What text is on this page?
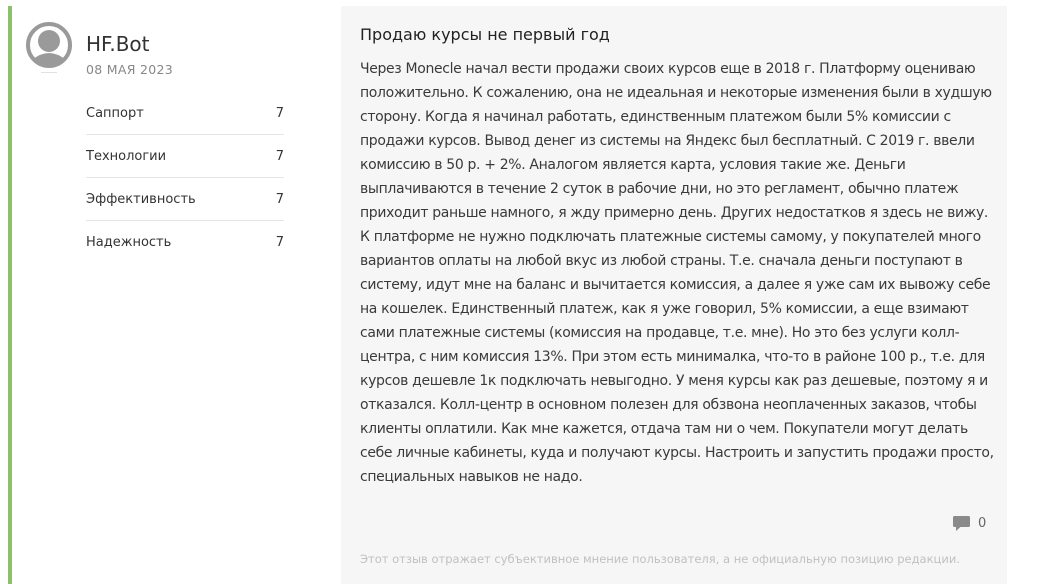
HF.Bot
08 МАЯ 2023
Саппорт	7
Технологии	7
Эффективность	7
Надежность	7
Продаю курсы не первый год

Через Monecle начал вести продажи своих курсов еще в 2018 г. Платформу оцениваю положительно. К сожалению, она не идеальная и некоторые изменения были в худшую сторону. Когда я начинал работать, единственным платежом были 5% комиссии с продажи курсов. Вывод денег из системы на Яндекс был бесплатный. С 2019 г. ввели комиссию в 50 р. + 2%. Аналогом является карта, условия такие же. Деньги выплачиваются в течение 2 суток в рабочие дни, но это регламент, обычно платеж приходит раньше намного, я жду примерно день. Других недостатков я здесь не вижу. К платформе не нужно подключать платежные системы самому, у покупателей много вариантов оплаты на любой вкус из любой страны. Т.е. сначала деньги поступают в систему, идут мне на баланс и вычитается комиссия, а далее я уже сам их вывожу себе на кошелек. Единственный платеж, как я уже говорил, 5% комиссии, а еще взимают сами платежные системы (комиссия на продавце, т.е. мне). Но это без услуги колл-центра, с ним комиссия 13%. При этом есть минималка, что-то в районе 100 р., т.е. для курсов дешевле 1к подключать невыгодно. У меня курсы как раз дешевые, поэтому я и отказался. Колл-центр в основном полезен для обзвона неоплаченных заказов, чтобы клиенты оплатили. Как мне кажется, отдача там ни о чем. Покупатели могут делать себе личные кабинеты, куда и получают курсы. Настроить и запустить продажи просто, специальных навыков не надо.

0
Этот отзыв отражает субъективное мнение пользователя, а не официальную позицию редакции.
